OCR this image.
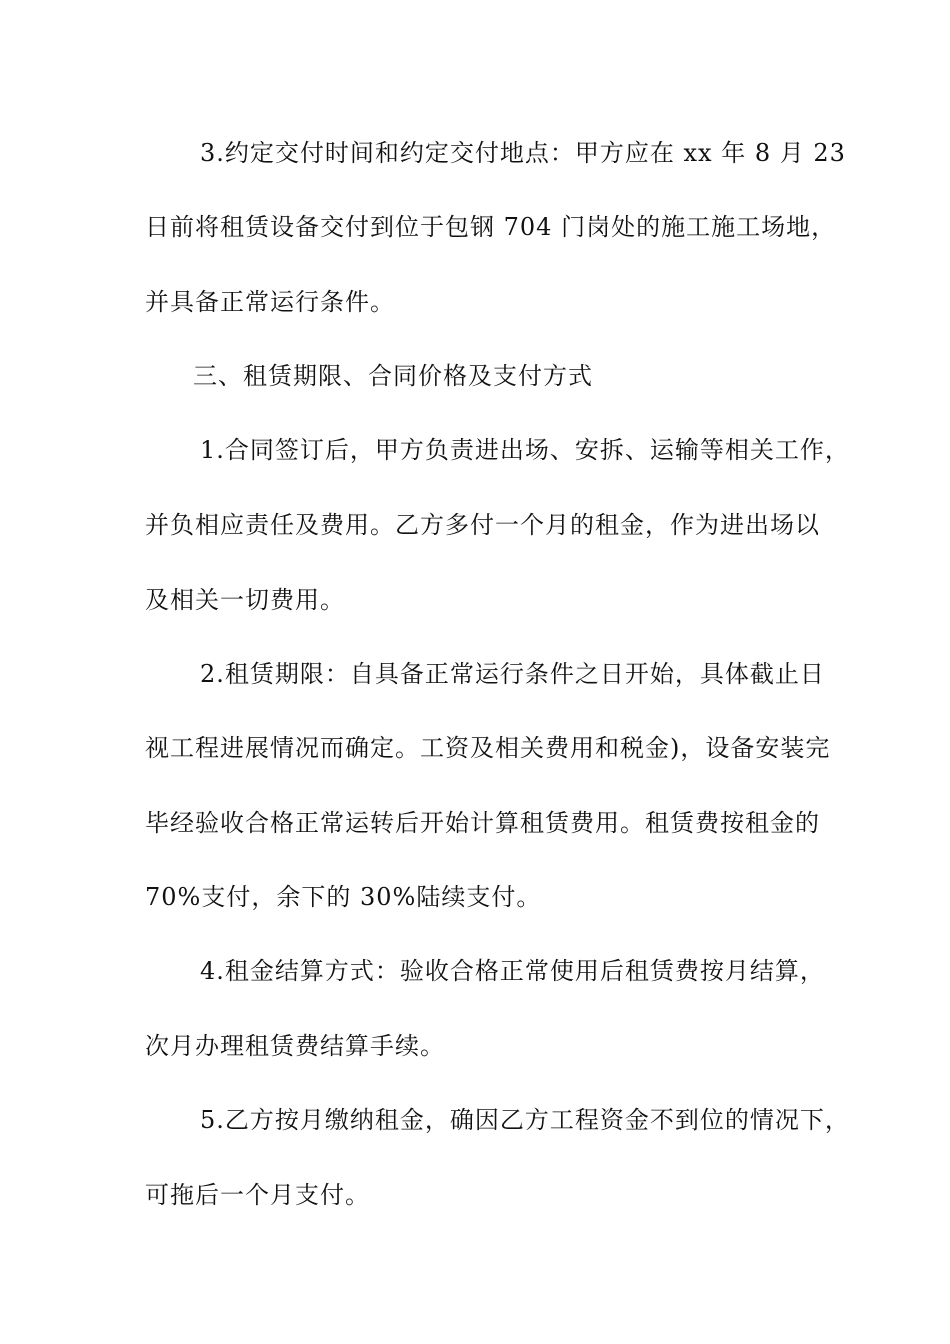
3.约定交付时间和约定交付地点：甲方应在 xx 年 8 月 23
日前将租赁设备交付到位于包钢 704 门岗处的施工施工场地，
并具备正常运行条件。
三、租赁期限、合同价格及支付方式
1.合同签订后，甲方负责进出场、安拆、运输等相关工作，
并负相应责任及费用。乙方多付一个月的租金，作为进出场以
及相关一切费用。
2.租赁期限：自具备正常运行条件之日开始，具体截止日
视工程进展情况而确定。工资及相关费用和税金)，设备安装完
毕经验收合格正常运转后开始计算租赁费用。租赁费按租金的
70%支付，余下的 30%陆续支付。
4.租金结算方式：验收合格正常使用后租赁费按月结算，
次月办理租赁费结算手续。
5.乙方按月缴纳租金，确因乙方工程资金不到位的情况下，
可拖后一个月支付。
